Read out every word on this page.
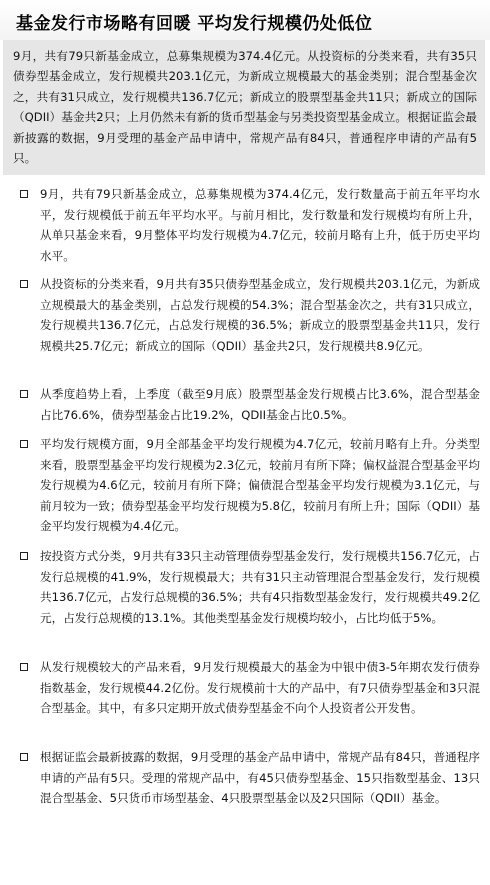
基金发行市场略有回暖 平均发行规模仍处低位
9月，共有79只新基金成立，总募集规模为374.4亿元。从投资标的分类来看，共有35只债券型基金成立，发行规模共203.1亿元，为新成立规模最大的基金类别；混合型基金次之，共有31只成立，发行规模共136.7亿元；新成立的股票型基金共11只；新成立的国际（QDII）基金共2只；上月仍然未有新的货币型基金与另类投资型基金成立。根据证监会最新披露的数据，9月受理的基金产品申请中，常规产品有84只，普通程序申请的产品有5只。
9月，共有79只新基金成立，总募集规模为374.4亿元，发行数量高于前五年平均水平，发行规模低于前五年平均水平。与前月相比，发行数量和发行规模均有所上升，从单只基金来看，9月整体平均发行规模为4.7亿元，较前月略有上升，低于历史平均水平。
从投资标的分类来看，9月共有35只债券型基金成立，发行规模共203.1亿元，为新成立规模最大的基金类别，占总发行规模的54.3%；混合型基金次之，共有31只成立，发行规模共136.7亿元，占总发行规模的36.5%；新成立的股票型基金共11只，发行规模共25.7亿元；新成立的国际（QDII）基金共2只，发行规模共8.9亿元。
从季度趋势上看，上季度（截至9月底）股票型基金发行规模占比3.6%，混合型基金占比76.6%，债券型基金占比19.2%，QDII基金占比0.5%。
平均发行规模方面，9月全部基金平均发行规模为4.7亿元，较前月略有上升。分类型来看，股票型基金平均发行规模为2.3亿元，较前月有所下降；偏权益混合型基金平均发行规模为4.6亿元，较前月有所下降；偏债混合型基金平均发行规模为3.1亿元，与前月较为一致；债券型基金平均发行规模为5.8亿，较前月有所上升；国际（QDII）基金平均发行规模为4.4亿元。
按投资方式分类，9月共有33只主动管理债券型基金发行，发行规模共156.7亿元，占发行总规模的41.9%，发行规模最大；共有31只主动管理混合型基金发行，发行规模共136.7亿元，占发行总规模的36.5%；共有4只指数型基金发行，发行规模共49.2亿元，占发行总规模的13.1%。其他类型基金发行规模均较小，占比均低于5%。
从发行规模较大的产品来看，9月发行规模最大的基金为中银中债3-5年期农发行债券指数基金，发行规模44.2亿份。发行规模前十大的产品中，有7只债券型基金和3只混合型基金。其中，有多只定期开放式债券型基金不向个人投资者公开发售。
根据证监会最新披露的数据，9月受理的基金产品申请中，常规产品有84只，普通程序申请的产品有5只。受理的常规产品中，有45只债券型基金、15只指数型基金、13只混合型基金、5只货币市场型基金、4只股票型基金以及2只国际（QDII）基金。
